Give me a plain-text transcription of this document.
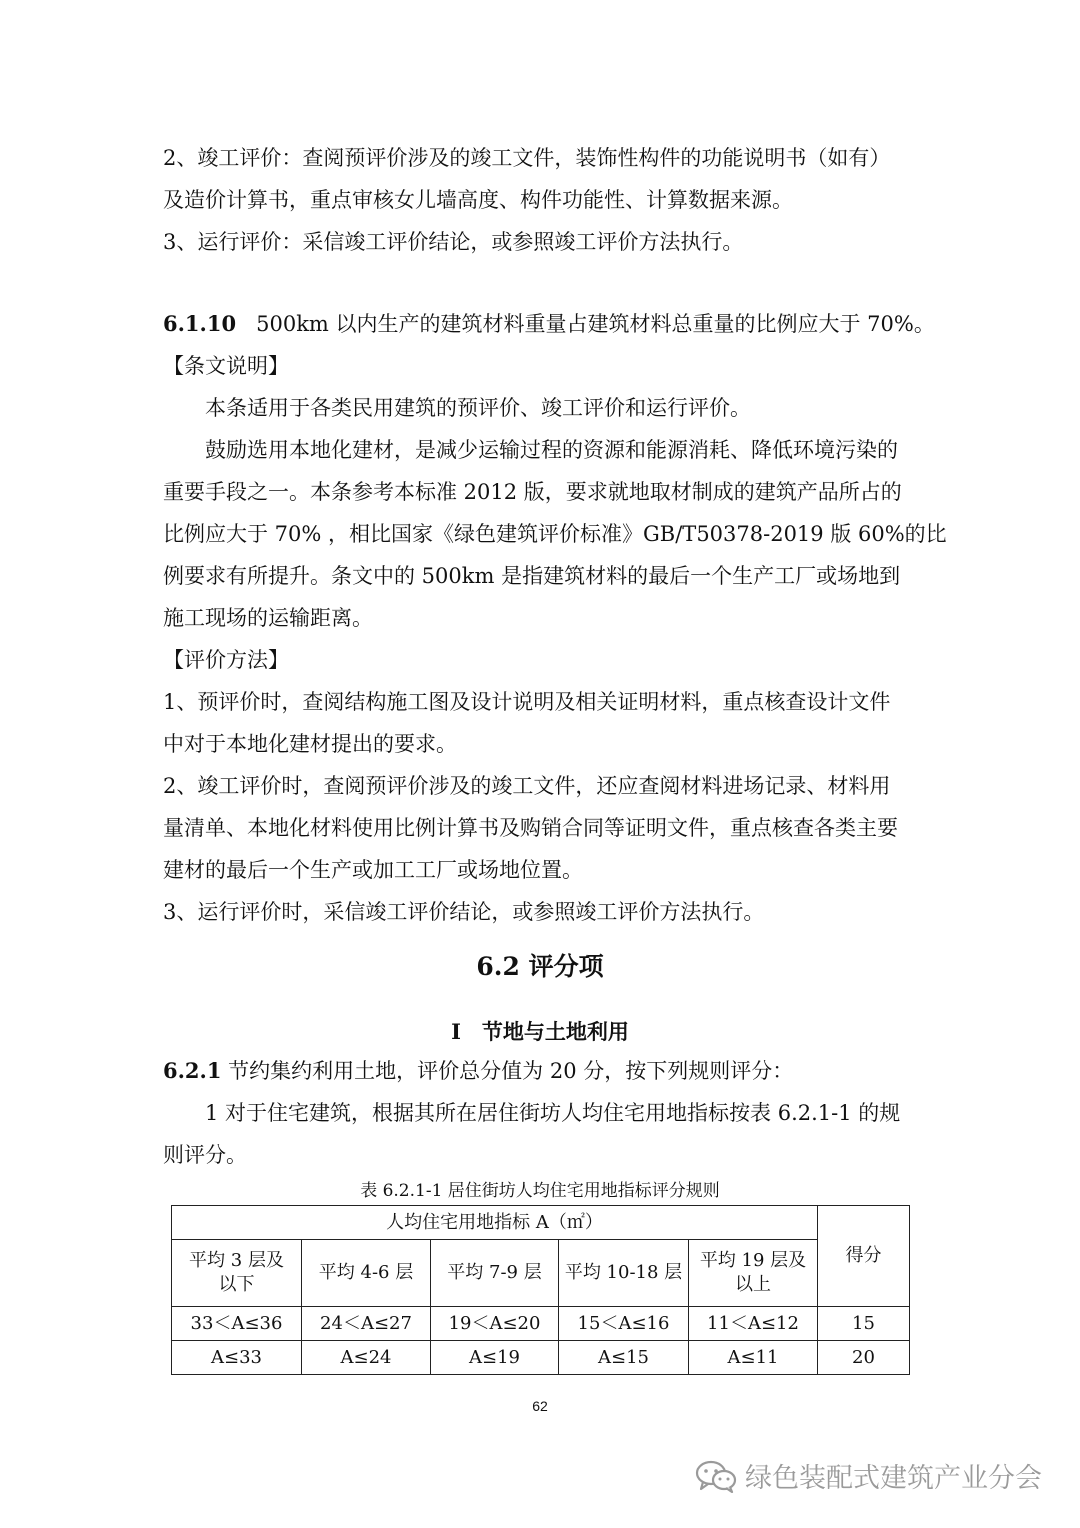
2、竣工评价：查阅预评价涉及的竣工文件，装饰性构件的功能说明书（如有）
及造价计算书，重点审核女儿墙高度、构件功能性、计算数据来源。
3、运行评价：采信竣工评价结论，或参照竣工评价方法执行。
6.1.10 500km 以内生产的建筑材料重量占建筑材料总重量的比例应大于 70%。
【条文说明】
本条适用于各类民用建筑的预评价、竣工评价和运行评价。
鼓励选用本地化建材，是减少运输过程的资源和能源消耗、降低环境污染的
重要手段之一。本条参考本标准 2012 版，要求就地取材制成的建筑产品所占的
比例应大于 70% ，相比国家《绿色建筑评价标准》GB/T50378-2019 版 60%的比
例要求有所提升。条文中的 500km 是指建筑材料的最后一个生产工厂或场地到
施工现场的运输距离。
【评价方法】
1、预评价时，查阅结构施工图及设计说明及相关证明材料，重点核查设计文件
中对于本地化建材提出的要求。
2、竣工评价时，查阅预评价涉及的竣工文件，还应查阅材料进场记录、材料用
量清单、本地化材料使用比例计算书及购销合同等证明文件，重点核查各类主要
建材的最后一个生产或加工工厂或场地位置。
3、运行评价时，采信竣工评价结论，或参照竣工评价方法执行。
6.2 评分项
I　节地与土地利用
6.2.1 节约集约利用土地，评价总分值为 20 分，按下列规则评分：
1 对于住宅建筑，根据其所在居住街坊人均住宅用地指标按表 6.2.1-1 的规
则评分。
表 6.2.1-1 居住街坊人均住宅用地指标评分规则
人均住宅用地指标 A（㎡）					得分
平均 3 层及
以下	平均 4-6 层	平均 7-9 层	平均 10-18 层	平均 19 层及
以上	
33＜A≤36	24＜A≤27	19＜A≤20	15＜A≤16	11＜A≤12	15
A≤33	A≤24	A≤19	A≤15	A≤11	20
62
绿色装配式建筑产业分会
